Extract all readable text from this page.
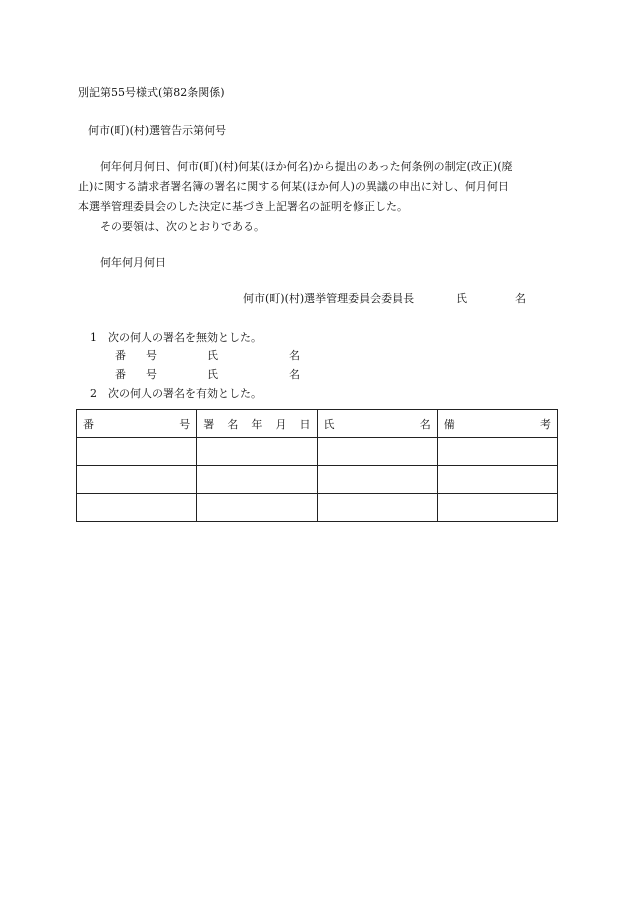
別記第55号様式(第82条関係)
何市(町)(村)選管告示第何号

何年何月何日、何市(町)(村)何某(ほか何名)から提出のあった何条例の制定(改正)(廃

止)に関する請求者署名簿の署名に関する何某(ほか何人)の異議の申出に対し、何月何日

本選挙管理委員会のした決定に基づき上記署名の証明を修正した。

その要領は、次のとおりである。

何年何月何日
何市(町)(村)選挙管理委員会委員長	氏	名
1　次の何人の署名を無効とした。
番 号	氏	名
番 号	氏	名
2　次の何人の署名を有効とした。
番 号	署 名 年 月 日	氏 名	備 考
